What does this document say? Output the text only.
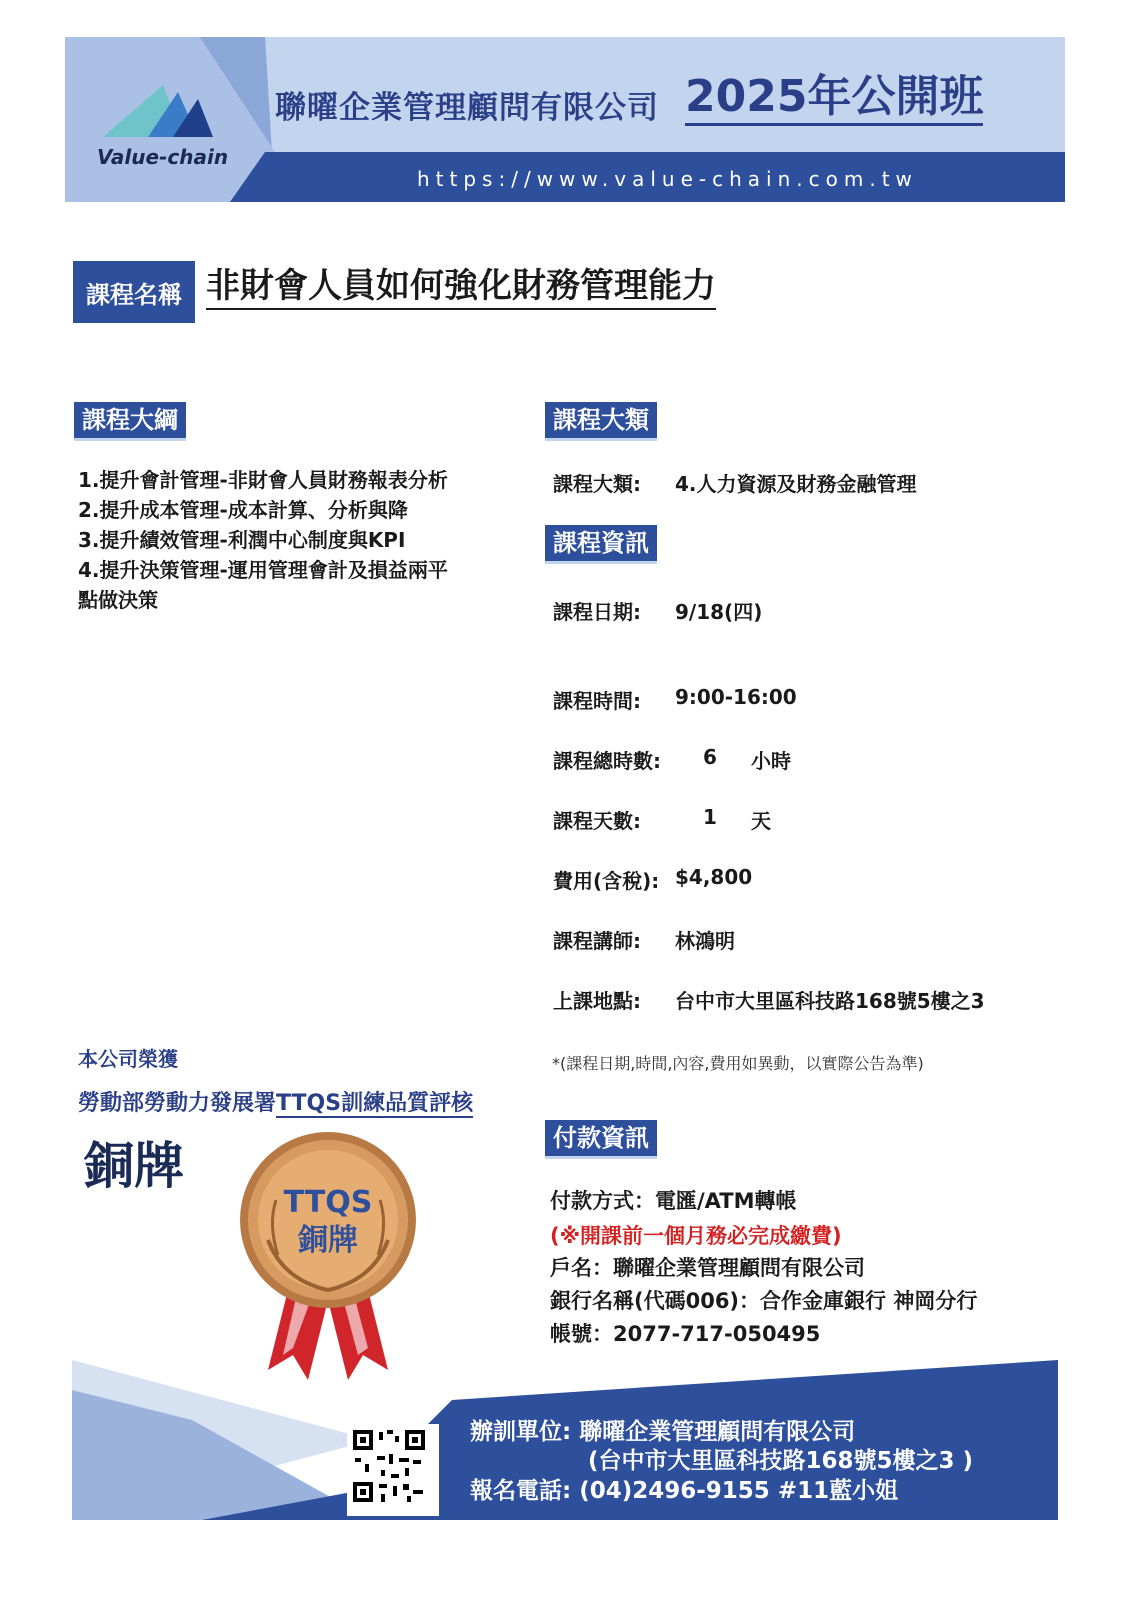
Value-chain
聯曜企業管理顧問有限公司 2025年公開班
https://www.value-chain.com.tw
課程名稱 非財會人員如何強化財務管理能力
課程大綱
1.提升會計管理-非財會人員財務報表分析
2.提升成本管理-成本計算、分析與降
3.提升績效管理-利潤中心制度與KPI
4.提升決策管理-運用管理會計及損益兩平
點做決策
課程大類
課程大類: 4.人力資源及財務金融管理
課程資訊
課程日期: 9/18(四)
課程時間: 9:00-16:00
課程總時數: 6 小時
課程天數:	1 天
費用(含稅): $4,800
課程講師: 林鴻明
上課地點: 台中市大里區科技路168號5樓之3
*(課程日期,時間,內容,費用如異動，以實際公告為準)
本公司榮獲
勞動部勞動力發展署TTQS訓練品質評核
銅牌
TTQS
銅牌
付款資訊
付款方式：電匯/ATM轉帳
(※開課前一個月務必完成繳費)
戶名：聯曜企業管理顧問有限公司
銀行名稱(代碼006)：合作金庫銀行 神岡分行
帳號：2077-717-050495
辦訓單位: 聯曜企業管理顧問有限公司
(台中市大里區科技路168號5樓之3 )
報名電話: (04)2496-9155 #11藍小姐
